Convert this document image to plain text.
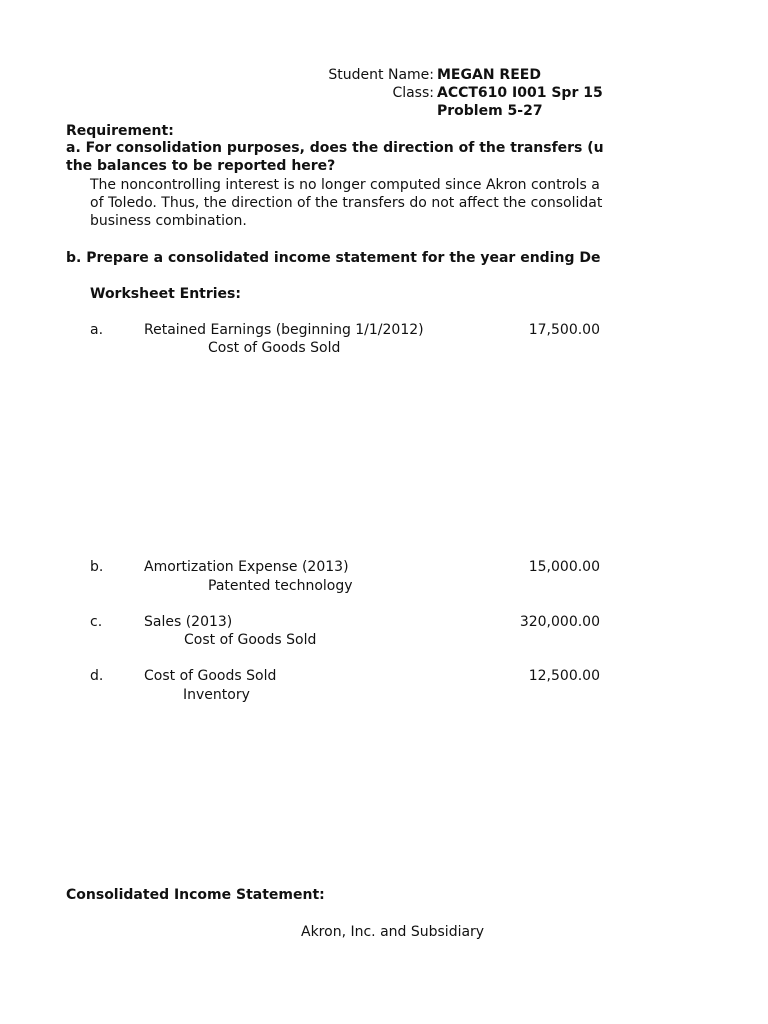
Student Name: MEGAN REED
Class: ACCT610 I001 Spr 15
Problem 5-27
Requirement:
a. For consolidation purposes, does the direction of the transfers (u
the balances to be reported here?
The noncontrolling interest is no longer computed since Akron controls a
of Toledo. Thus, the direction of the transfers do not affect the consolidat
business combination.
b. Prepare a consolidated income statement for the year ending De
Worksheet Entries:
a.	Retained Earnings (beginning 1/1/2012)	17,500.00
Cost of Goods Sold
b.	Amortization Expense (2013)	15,000.00
Patented technology
c.	Sales (2013)	320,000.00
Cost of Goods Sold
d.	Cost of Goods Sold	12,500.00
Inventory
Consolidated Income Statement:
Akron, Inc. and Subsidiary
